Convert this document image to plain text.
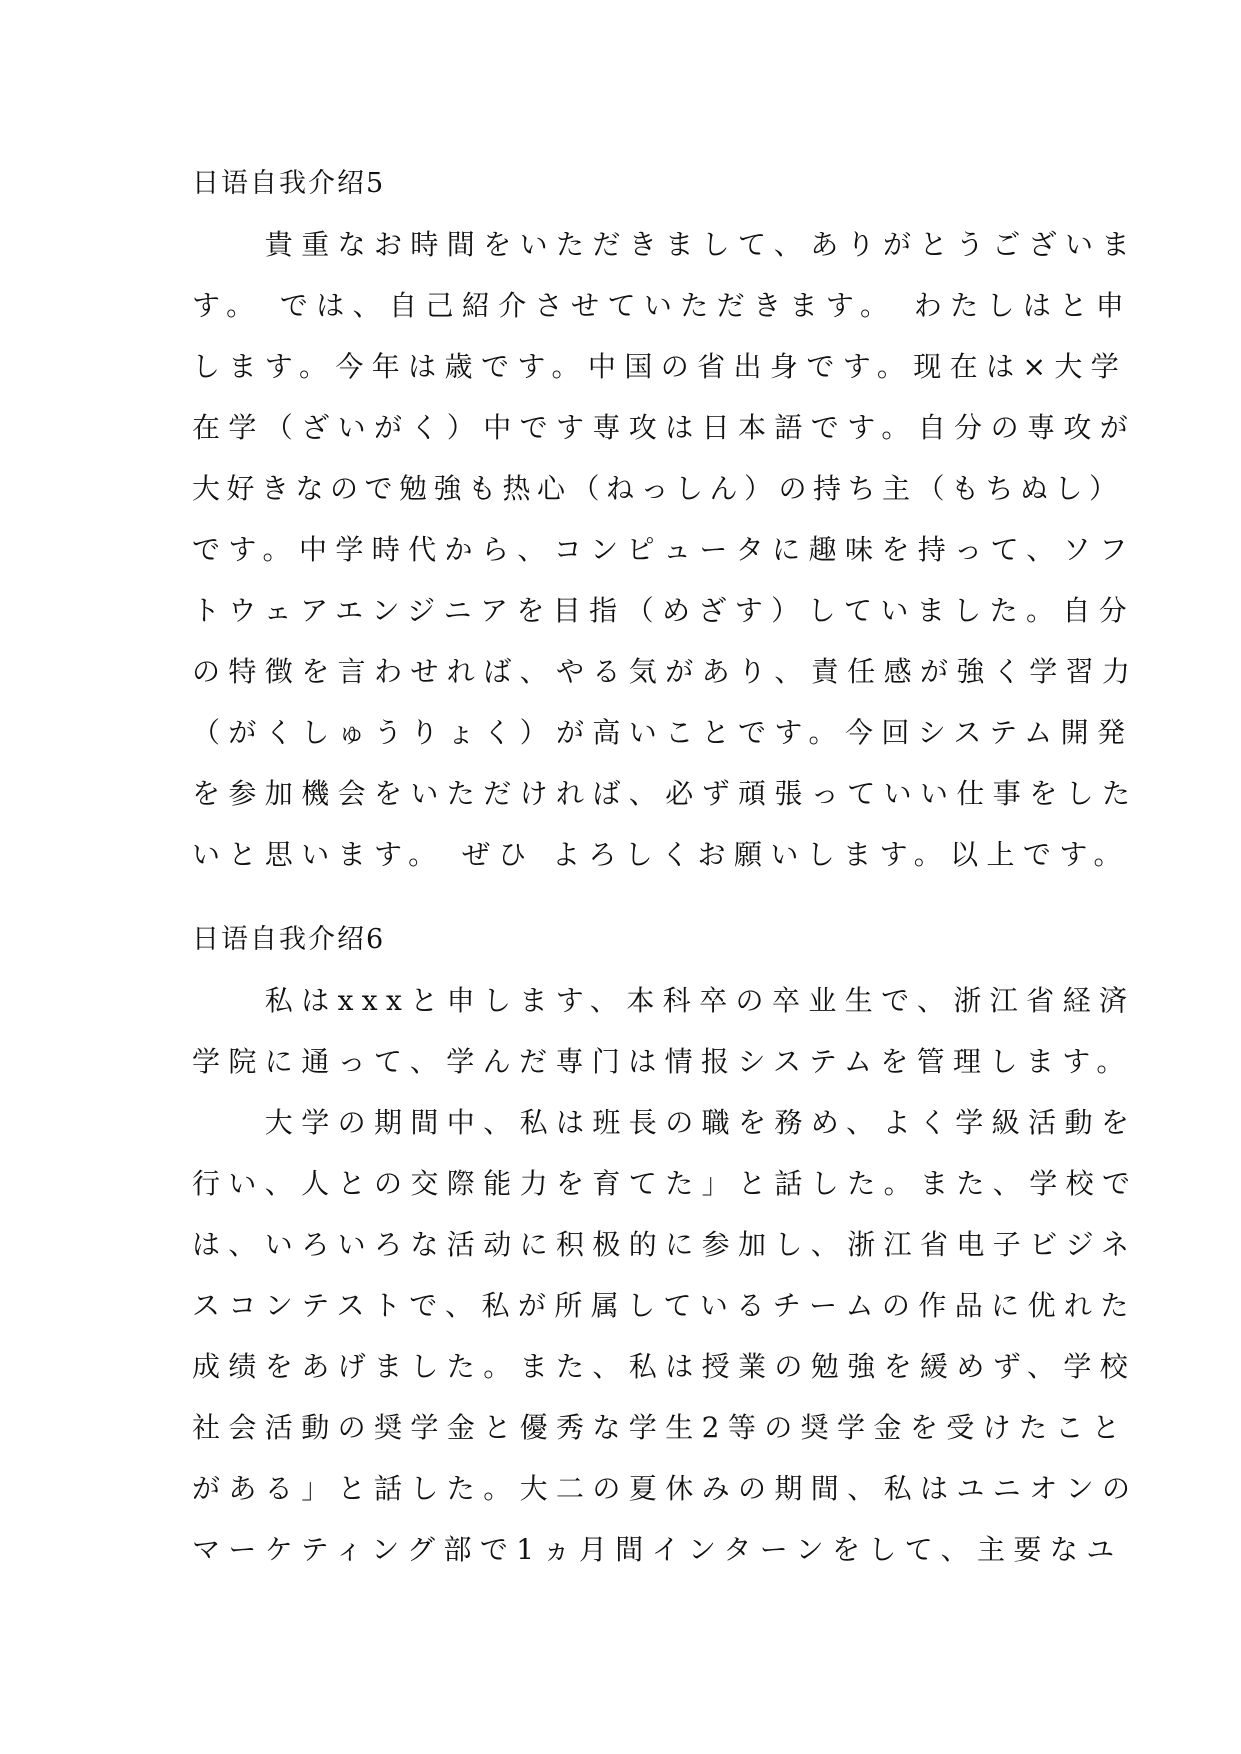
日语自我介绍5
　　貴重なお時間をいただきまして、ありがとうございま
す。 では、自己紹介させていただきます。 わたしはと申
します。今年は歳です。中国の省出身です。现在は×大学
在学（ざいがく）中です専攻は日本語です。自分の専攻が
大好きなので勉強も热心（ねっしん）の持ち主（もちぬし）
です。中学時代から、コンピュータに趣味を持って、ソフ
トウェアエンジニアを目指（めざす）していました。自分
の特徴を言わせれば、やる気があり、責任感が強く学習力
（がくしゅうりょく）が高いことです。今回システム開発
を参加機会をいただければ、必ず頑張っていい仕事をした
いと思います。 ぜひ よろしくお願いします。以上です。
日语自我介绍6
　　私はxxxと申します、本科卒の卒业生で、浙江省経済
学院に通って、学んだ専门は情报システムを管理します。
　　大学の期間中、私は班長の職を務め、よく学級活動を
行い、人との交際能力を育てた」と話した。また、学校で
は、いろいろな活动に积极的に参加し、浙江省电子ビジネ
スコンテストで、私が所属しているチームの作品に优れた
成绩をあげました。また、私は授業の勉強を緩めず、学校
社会活動の奨学金と優秀な学生2等の奨学金を受けたこと
がある」と話した。大二の夏休みの期間、私はユニオンの
マーケティング部で1ヵ月間インターンをして、主要なユ
